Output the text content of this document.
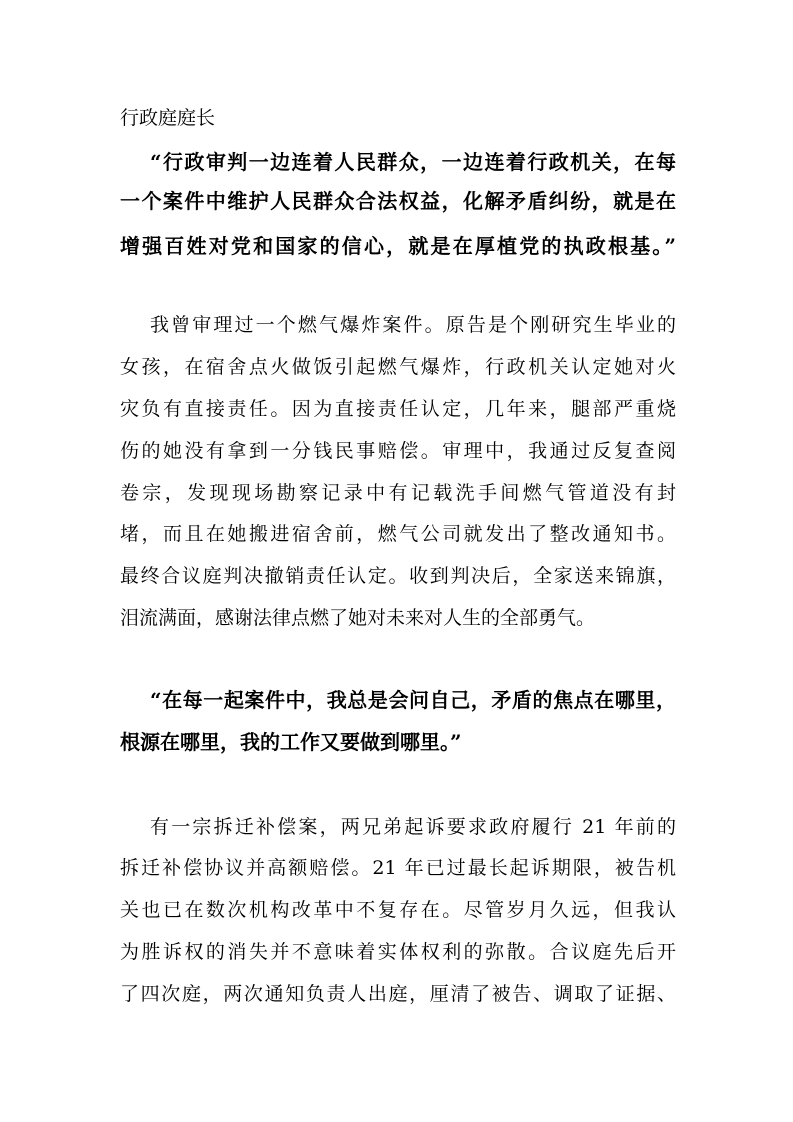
行政庭庭长
“行政审判一边连着人民群众，一边连着行政机关，在每
一个案件中维护人民群众合法权益，化解矛盾纠纷，就是在
增强百姓对党和国家的信心，就是在厚植党的执政根基。”
我曾审理过一个燃气爆炸案件。原告是个刚研究生毕业的
女孩，在宿舍点火做饭引起燃气爆炸，行政机关认定她对火
灾负有直接责任。因为直接责任认定，几年来，腿部严重烧
伤的她没有拿到一分钱民事赔偿。审理中，我通过反复查阅
卷宗，发现现场勘察记录中有记载洗手间燃气管道没有封
堵，而且在她搬进宿舍前，燃气公司就发出了整改通知书。
最终合议庭判决撤销责任认定。收到判决后，全家送来锦旗，
泪流满面，感谢法律点燃了她对未来对人生的全部勇气。
“在每一起案件中，我总是会问自己，矛盾的焦点在哪里，
根源在哪里，我的工作又要做到哪里。”
有一宗拆迁补偿案，两兄弟起诉要求政府履行 21 年前的
拆迁补偿协议并高额赔偿。21 年已过最长起诉期限，被告机
关也已在数次机构改革中不复存在。尽管岁月久远，但我认
为胜诉权的消失并不意味着实体权利的弥散。合议庭先后开
了四次庭，两次通知负责人出庭，厘清了被告、调取了证据、
